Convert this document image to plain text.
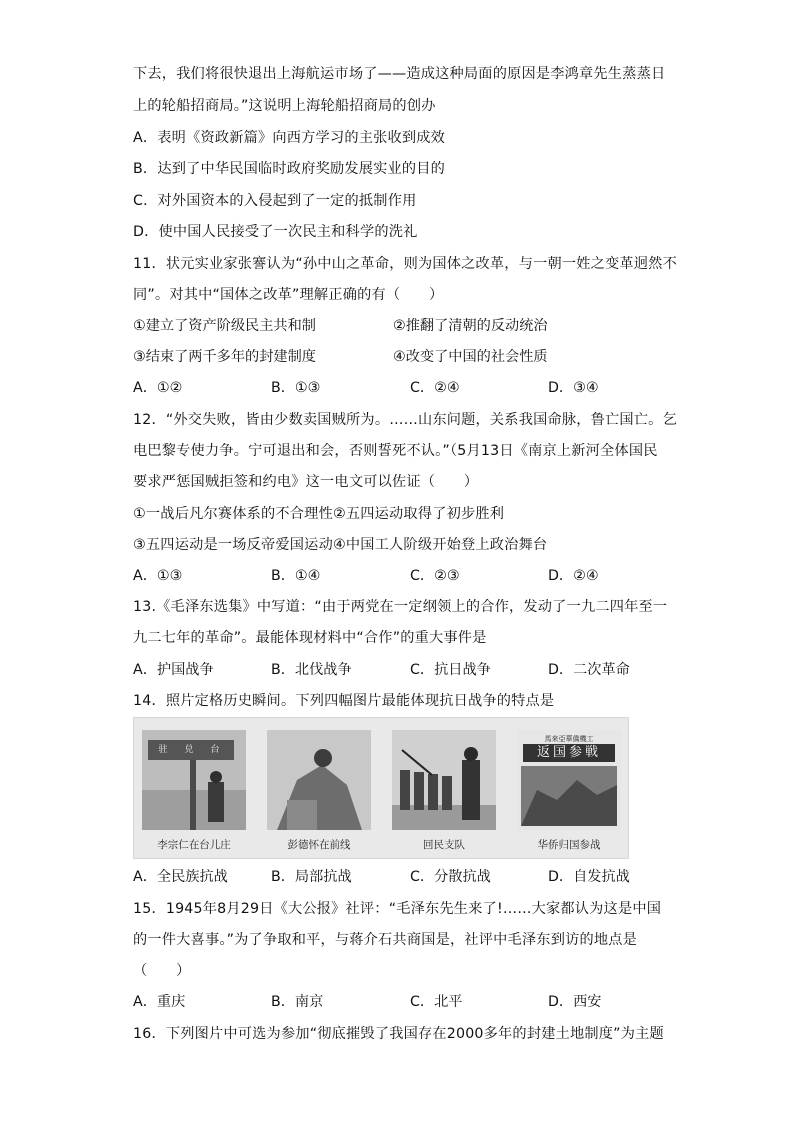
下去，我们将很快退出上海航运市场了——造成这种局面的原因是李鸿章先生蒸蒸日
上的轮船招商局。”这说明上海轮船招商局的创办
A．表明《资政新篇》向西方学习的主张收到成效
B．达到了中华民国临时政府奖励发展实业的目的
C．对外国资本的入侵起到了一定的抵制作用
D．使中国人民接受了一次民主和科学的洗礼
11．状元实业家张謇认为“孙中山之革命，则为国体之改革，与一朝一姓之变革迥然不
同”。对其中“国体之改革”理解正确的有（　　）
①建立了资产阶级民主共和制	②推翻了清朝的反动统治
③结束了两千多年的封建制度	④改变了中国的社会性质
A．①②	B．①③	C．②④	D．③④
12．“外交失败，皆由少数卖国贼所为。……山东问题，关系我国命脉，鲁亡国亡。乞
电巴黎专使力争。宁可退出和会，否则誓死不认。”（5月13日《南京上新河全体国民
要求严惩国贼拒签和约电》这一电文可以佐证（　　）
①一战后凡尔赛体系的不合理性②五四运动取得了初步胜利
③五四运动是一场反帝爱国运动④中国工人阶级开始登上政治舞台
A．①③	B．①④	C．②③	D．②④
13.《毛泽东选集》中写道：“由于两党在一定纲领上的合作，发动了一九二四年至一
九二七年的革命”。最能体现材料中“合作”的重大事件是
A．护国战争	B．北伐战争	C．抗日战争	D．二次革命
14．照片定格历史瞬间。下列四幅图片最能体现抗日战争的特点是
驻　兑　台
馬來亞華僑機工
返国参戦
李宗仁在台儿庄	彭德怀在前线	回民支队	华侨归国参战
A．全民族抗战	B．局部抗战	C．分散抗战	D．自发抗战
15．1945年8月29日《大公报》社评：“毛泽东先生来了!……大家都认为这是中国
的一件大喜事。”为了争取和平，与蒋介石共商国是，社评中毛泽东到访的地点是
（　　）
A．重庆	B．南京	C．北平	D．西安
16．下列图片中可选为参加“彻底摧毁了我国存在2000多年的封建土地制度”为主题
